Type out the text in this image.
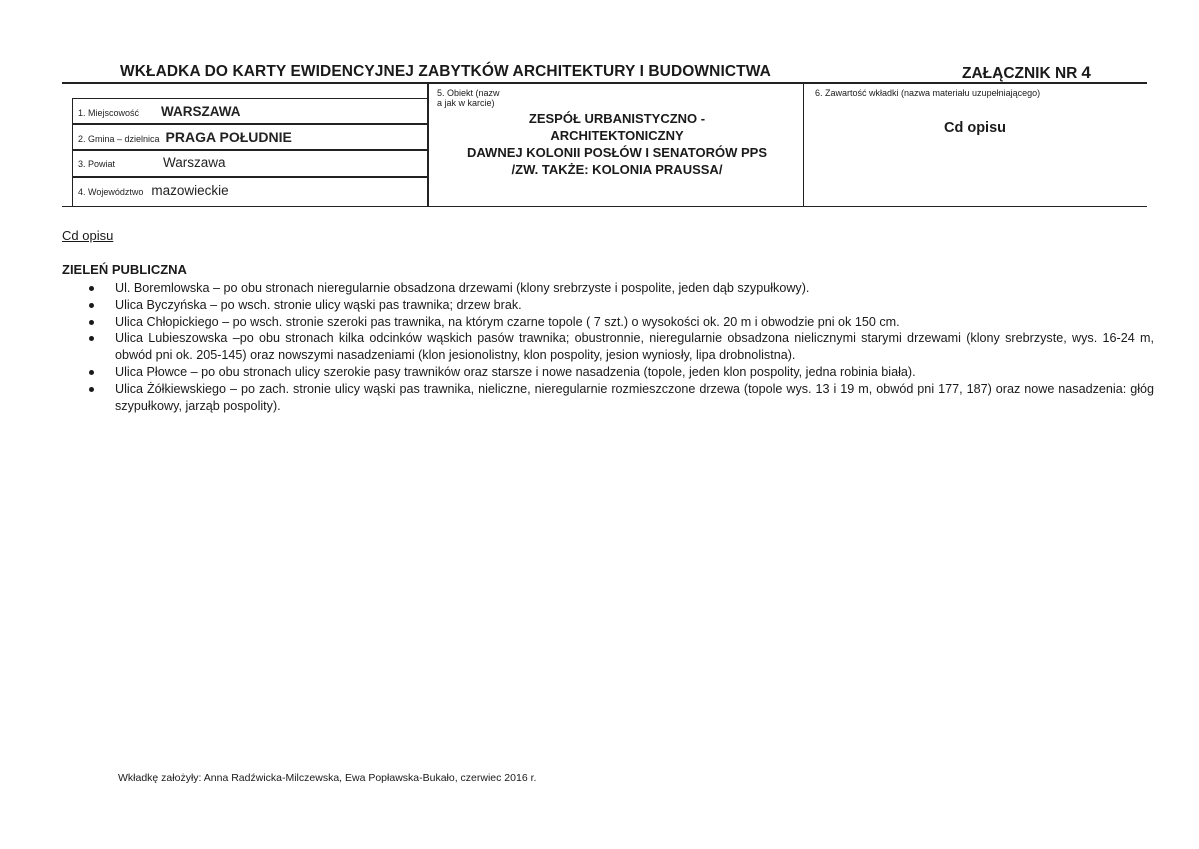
WKŁADKA DO KARTY EWIDENCYJNEJ ZABYTKÓW ARCHITEKTURY I BUDOWNICTWA	ZAŁĄCZNIK NR 4
1. Miejscowość WARSZAWA
2. Gmina – dzielnica PRAGA POŁUDNIE
3. Powiat	Warszawa
4. Województwo mazowieckie
5. Obiekt (nazw
a jak w karcie)
ZESPÓŁ URBANISTYCZNO -
ARCHITEKTONICZNY
DAWNEJ KOLONII POSŁÓW I SENATORÓW PPS
/ZW. TAKŻE: KOLONIA PRAUSSA/
6. Zawartość wkładki (nazwa materiału uzupełniającego)
Cd opisu
Cd opisu
ZIELEŃ PUBLICZNA
Ul. Boremlowska – po obu stronach nieregularnie obsadzona drzewami (klony srebrzyste i pospolite, jeden dąb szypułkowy).
Ulica Byczyńska – po wsch. stronie ulicy wąski pas trawnika; drzew brak.
Ulica Chłopickiego – po wsch. stronie szeroki pas trawnika, na którym czarne topole ( 7 szt.) o wysokości ok. 20 m i obwodzie pni ok 150 cm.
Ulica Lubieszowska –po obu stronach kilka odcinków wąskich pasów trawnika; obustronnie, nieregularnie obsadzona nielicznymi starymi drzewami (klony srebrzyste, wys. 16-24 m, obwód pni ok. 205-145) oraz nowszymi nasadzeniami (klon jesionolistny, klon pospolity, jesion wyniosły, lipa drobnolistna).
Ulica Płowce – po obu stronach ulicy szerokie pasy trawników oraz starsze i nowe nasadzenia (topole, jeden klon pospolity, jedna robinia biała).
Ulica Żółkiewskiego – po zach. stronie ulicy wąski pas trawnika, nieliczne, nieregularnie rozmieszczone drzewa (topole wys. 13 i 19 m, obwód pni 177, 187) oraz nowe nasadzenia: głóg szypułkowy, jarząb pospolity).
Wkładkę założyły: Anna Radźwicka-Milczewska, Ewa Popławska-Bukało, czerwiec 2016 r.
